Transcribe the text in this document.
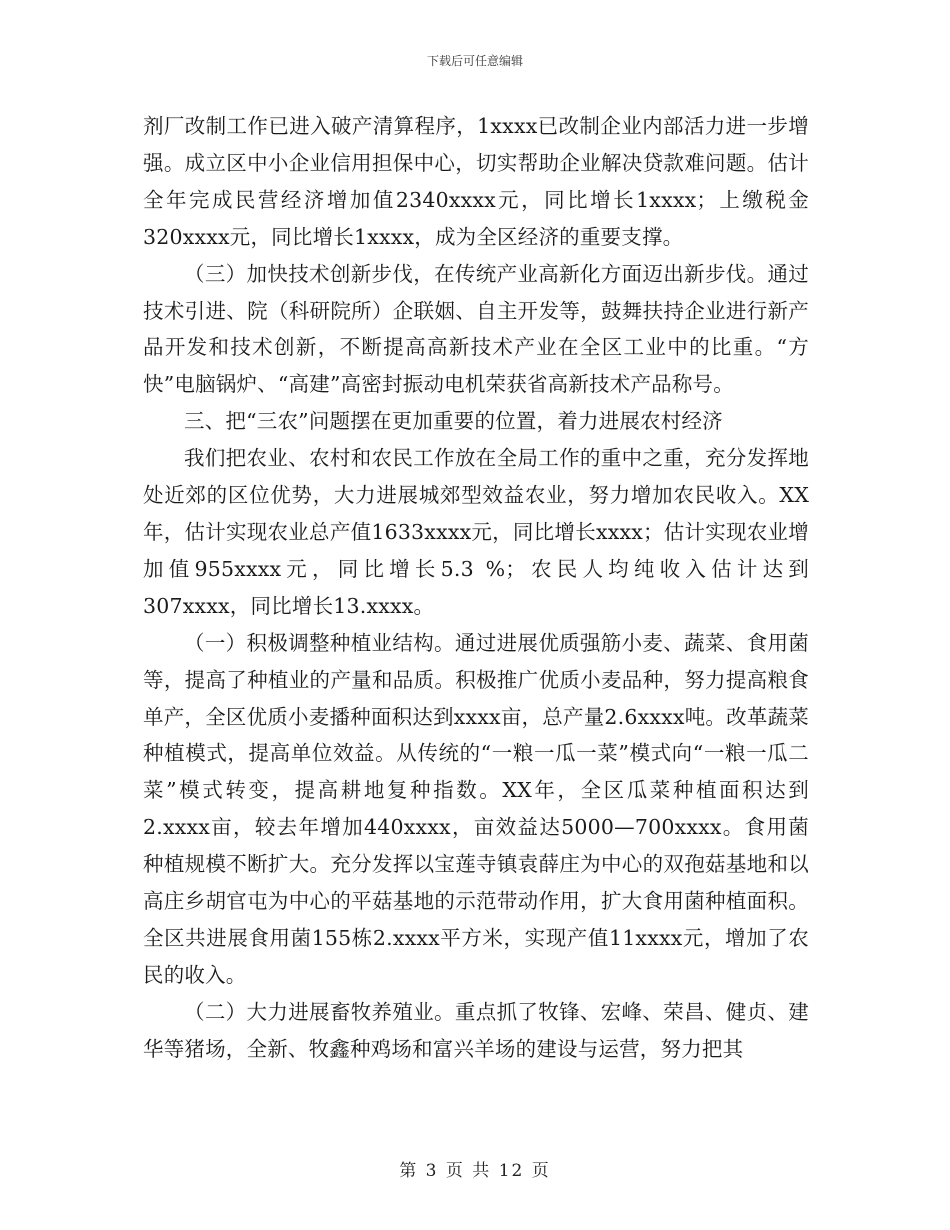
下载后可任意编辑

剂厂改制工作已进入破产清算程序，1xxxx已改制企业内部活力进一步增强。成立区中小企业信用担保中心，切实帮助企业解决贷款难问题。估计全年完成民营经济增加值2340xxxx元，同比增长1xxxx；上缴税金320xxxx元，同比增长1xxxx，成为全区经济的重要支撑。

（三）加快技术创新步伐，在传统产业高新化方面迈出新步伐。通过技术引进、院（科研院所）企联姻、自主开发等，鼓舞扶持企业进行新产品开发和技术创新，不断提高高新技术产业在全区工业中的比重。“方快”电脑锅炉、“高建”高密封振动电机荣获省高新技术产品称号。

三、把“三农”问题摆在更加重要的位置，着力进展农村经济

我们把农业、农村和农民工作放在全局工作的重中之重，充分发挥地处近郊的区位优势，大力进展城郊型效益农业，努力增加农民收入。XX年，估计实现农业总产值1633xxxx元，同比增长xxxx；估计实现农业增加值955xxxx元，同比增长5.3 %；农民人均纯收入估计达到307xxxx，同比增长13.xxxx。

（一）积极调整种植业结构。通过进展优质强筋小麦、蔬菜、食用菌等，提高了种植业的产量和品质。积极推广优质小麦品种，努力提高粮食单产，全区优质小麦播种面积达到xxxx亩，总产量2.6xxxx吨。改革蔬菜种植模式，提高单位效益。从传统的“一粮一瓜一菜”模式向“一粮一瓜二菜”模式转变，提高耕地复种指数。XX年，全区瓜菜种植面积达到2.xxxx亩，较去年增加440xxxx，亩效益达5000—700xxxx。食用菌种植规模不断扩大。充分发挥以宝莲寺镇袁薛庄为中心的双孢菇基地和以高庄乡胡官屯为中心的平菇基地的示范带动作用，扩大食用菌种植面积。全区共进展食用菌155栋2.xxxx平方米，实现产值11xxxx元，增加了农民的收入。

（二）大力进展畜牧养殖业。重点抓了牧锋、宏峰、荣昌、健贞、建华等猪场，全新、牧鑫种鸡场和富兴羊场的建设与运营，努力把其

第 3 页 共 12 页
